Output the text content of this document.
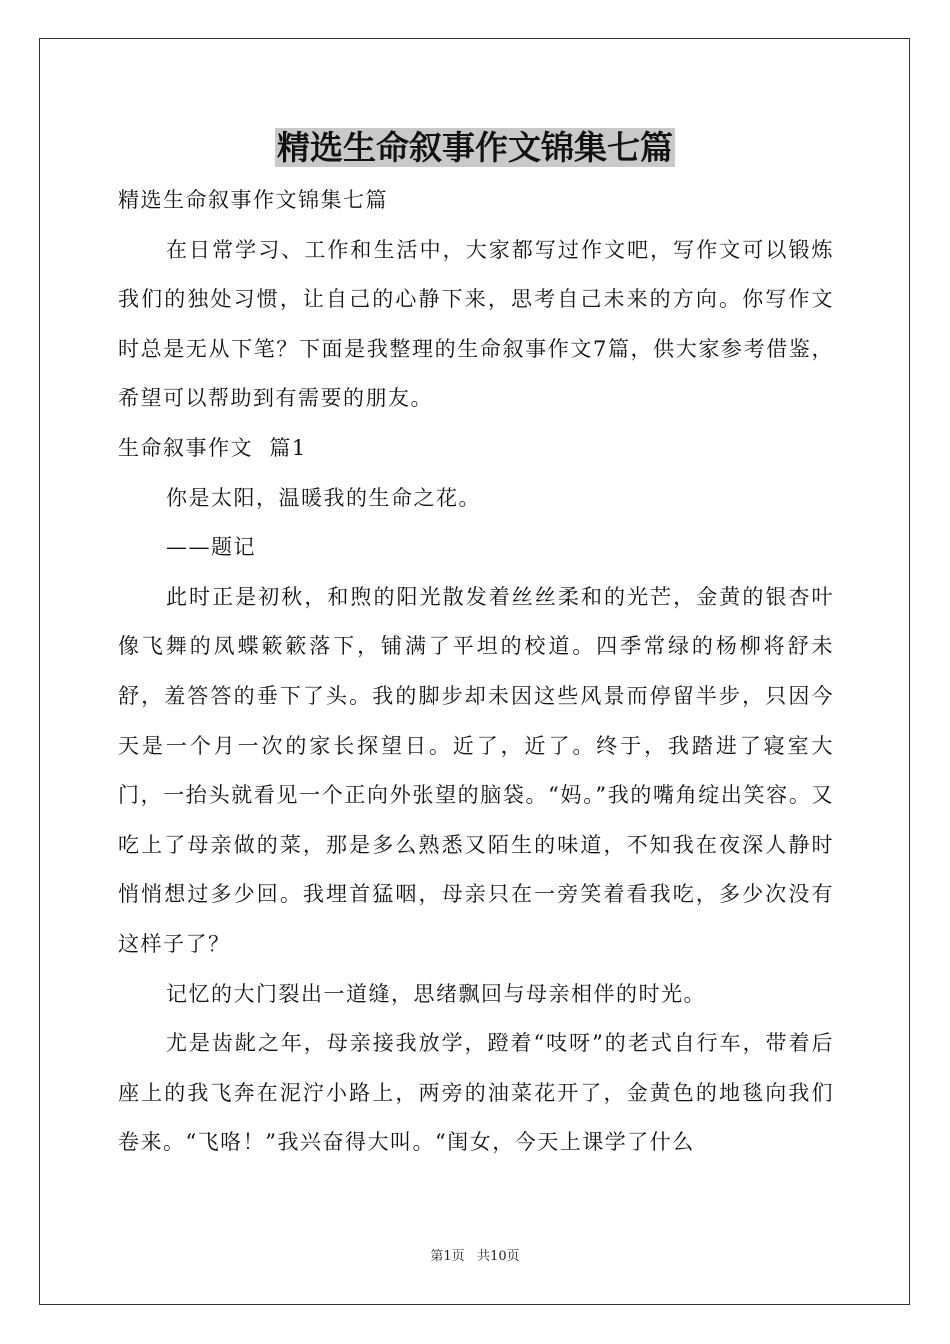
精选生命叙事作文锦集七篇

精选生命叙事作文锦集七篇

在日常学习、工作和生活中，大家都写过作文吧，写作文可以锻炼我们的独处习惯，让自己的心静下来，思考自己未来的方向。你写作文时总是无从下笔？下面是我整理的生命叙事作文7篇，供大家参考借鉴，希望可以帮助到有需要的朋友。

生命叙事作文  篇1

你是太阳，温暖我的生命之花。

——题记

此时正是初秋，和煦的阳光散发着丝丝柔和的光芒，金黄的银杏叶像飞舞的凤蝶簌簌落下，铺满了平坦的校道。四季常绿的杨柳将舒未舒，羞答答的垂下了头。我的脚步却未因这些风景而停留半步，只因今天是一个月一次的家长探望日。近了，近了。终于，我踏进了寝室大门，一抬头就看见一个正向外张望的脑袋。“妈。”我的嘴角绽出笑容。又吃上了母亲做的菜，那是多么熟悉又陌生的味道，不知我在夜深人静时悄悄想过多少回。我埋首猛咽，母亲只在一旁笑着看我吃，多少次没有这样子了？

记忆的大门裂出一道缝，思绪飘回与母亲相伴的时光。

尤是齿龀之年，母亲接我放学，蹬着“吱呀”的老式自行车，带着后座上的我飞奔在泥泞小路上，两旁的油菜花开了，金黄色的地毯向我们卷来。“飞咯！”我兴奋得大叫。“闺女，今天上课学了什么

第1页 共10页
